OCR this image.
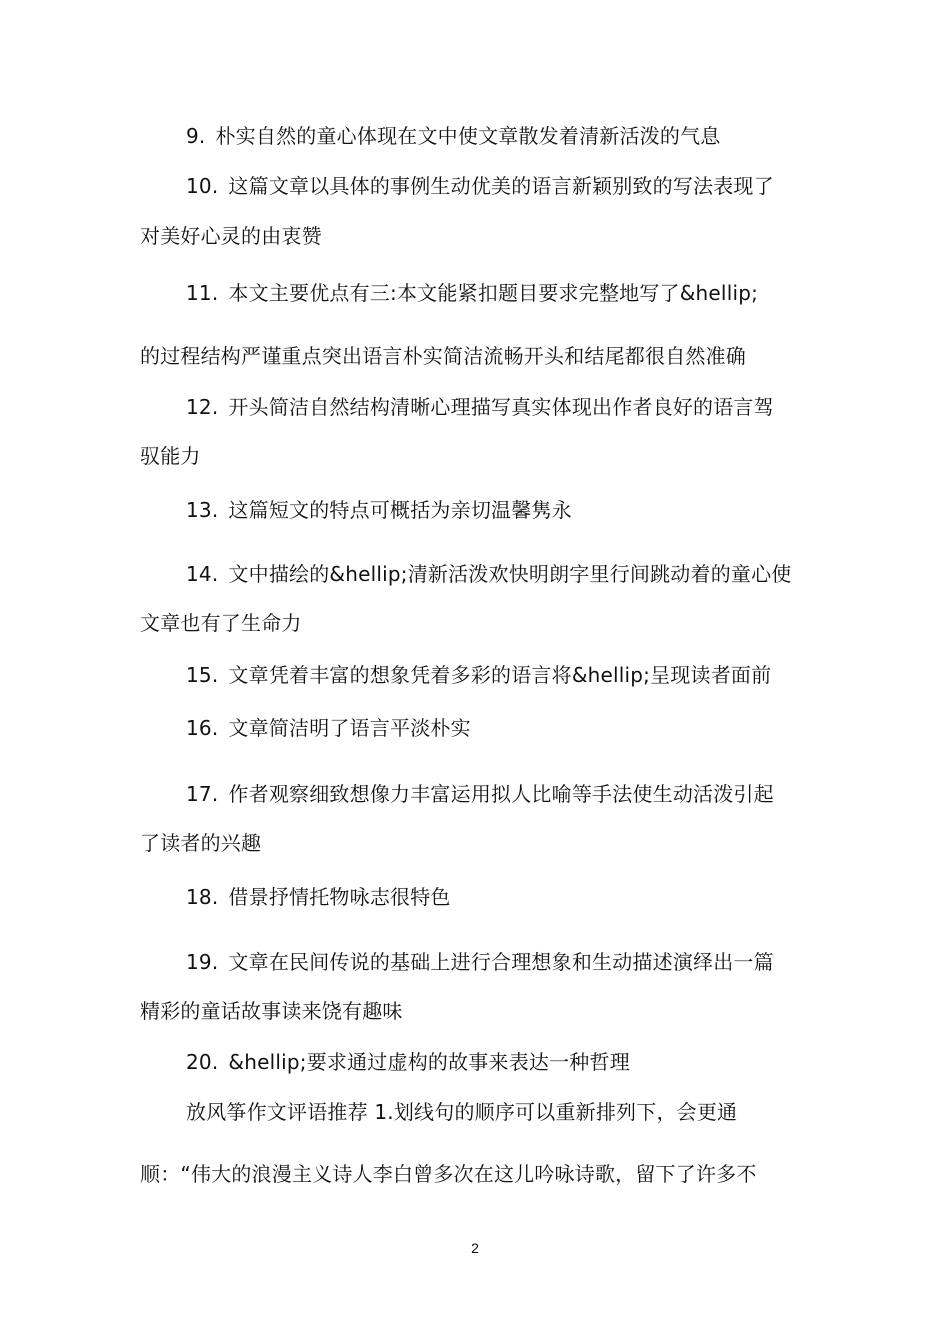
9. 朴实自然的童心体现在文中使文章散发着清新活泼的气息
10. 这篇文章以具体的事例生动优美的语言新颖别致的写法表现了
对美好心灵的由衷赞
11. 本文主要优点有三:本文能紧扣题目要求完整地写了&hellip;
的过程结构严谨重点突出语言朴实简洁流畅开头和结尾都很自然准确
12. 开头简洁自然结构清晰心理描写真实体现出作者良好的语言驾
驭能力
13. 这篇短文的特点可概括为亲切温馨隽永
14. 文中描绘的&hellip;清新活泼欢快明朗字里行间跳动着的童心使
文章也有了生命力
15. 文章凭着丰富的想象凭着多彩的语言将&hellip;呈现读者面前
16. 文章简洁明了语言平淡朴实
17. 作者观察细致想像力丰富运用拟人比喻等手法使生动活泼引起
了读者的兴趣
18. 借景抒情托物咏志很特色
19. 文章在民间传说的基础上进行合理想象和生动描述演绎出一篇
精彩的童话故事读来饶有趣味
20. &hellip;要求通过虚构的故事来表达一种哲理
放风筝作文评语推荐 1.划线句的顺序可以重新排列下，会更通
顺：“伟大的浪漫主义诗人李白曾多次在这儿吟咏诗歌，留下了许多不
2
